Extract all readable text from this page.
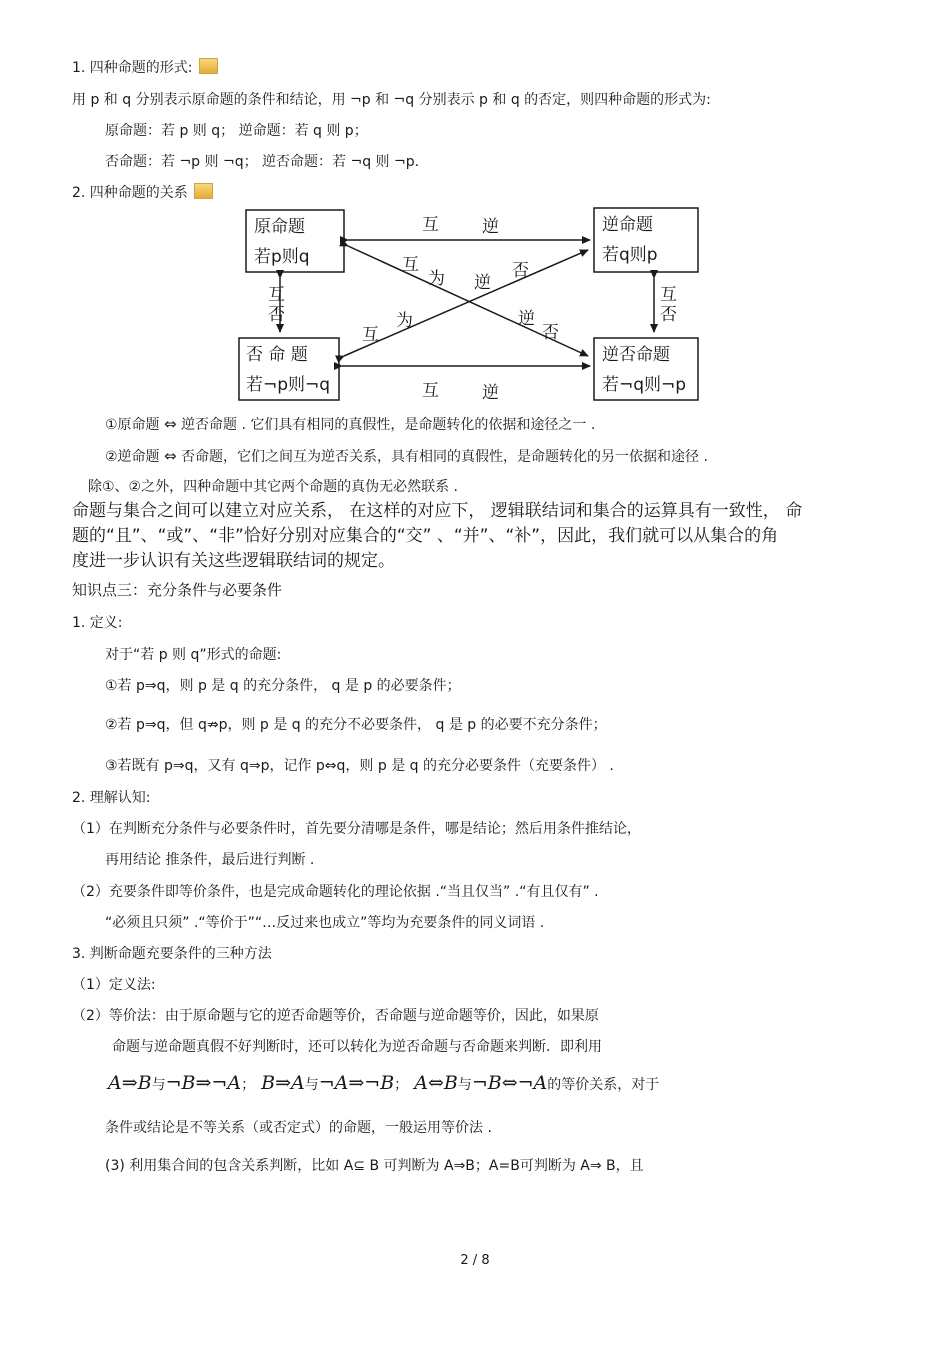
1. 四种命题的形式:
用 p 和 q 分别表示原命题的条件和结论，用 ¬p 和 ¬q 分别表示 p 和 q 的否定，则四种命题的形式为:
原命题：若 p 则 q； 逆命题：若 q 则 p；
否命题：若 ¬p 则 ¬q； 逆否命题：若 ¬q 则 ¬p.
2. 四种命题的关系
原命题
若p则q
逆命题
若q则p
否 命 题
若¬p则¬q
逆否命题
若¬q则¬p
互	逆
互	逆
互
否
互
否
互
为 逆
否
互
为	逆
否
①原命题 ⇔ 逆否命题 . 它们具有相同的真假性，是命题转化的依据和途径之一 .
②逆命题 ⇔ 否命题，它们之间互为逆否关系，具有相同的真假性，是命题转化的另一依据和途径 .
除①、②之外，四种命题中其它两个命题的真伪无必然联系 .
命题与集合之间可以建立对应关系， 在这样的对应下， 逻辑联结词和集合的运算具有一致性， 命
题的“且”、“或”、“非”恰好分别对应集合的“交” 、“并”、“补”，因此，我们就可以从集合的角
度进一步认识有关这些逻辑联结词的规定。
知识点三：充分条件与必要条件
1. 定义:
对于“若 p 则 q”形式的命题:
①若 p⇒q，则 p 是 q 的充分条件， q 是 p 的必要条件；
②若 p⇒q，但 q⇏p，则 p 是 q 的充分不必要条件， q 是 p 的必要不充分条件；
③若既有 p⇒q，又有 q⇒p，记作 p⇔q，则 p 是 q 的充分必要条件（充要条件） .
2. 理解认知:
（1）在判断充分条件与必要条件时，首先要分清哪是条件，哪是结论；然后用条件推结论，
再用结论 推条件，最后进行判断 .
（2）充要条件即等价条件，也是完成命题转化的理论依据 .“当且仅当” .“有且仅有” .
“必须且只须” .“等价于”“…反过来也成立”等均为充要条件的同义词语 .
3. 判断命题充要条件的三种方法
（1）定义法:
（2）等价法：由于原命题与它的逆否命题等价，否命题与逆命题等价，因此，如果原
命题与逆命题真假不好判断时，还可以转化为逆否命题与否命题来判断．即利用
A⇒B与¬B⇒¬A； B⇒A与¬A⇒¬B； A⇔B与¬B⇔¬A的等价关系，对于
条件或结论是不等关系（或否定式）的命题，一般运用等价法 .
(3) 利用集合间的包含关系判断，比如 A⊆ B 可判断为 A⇒B；A=B可判断为 A⇒ B，且
2 / 8
